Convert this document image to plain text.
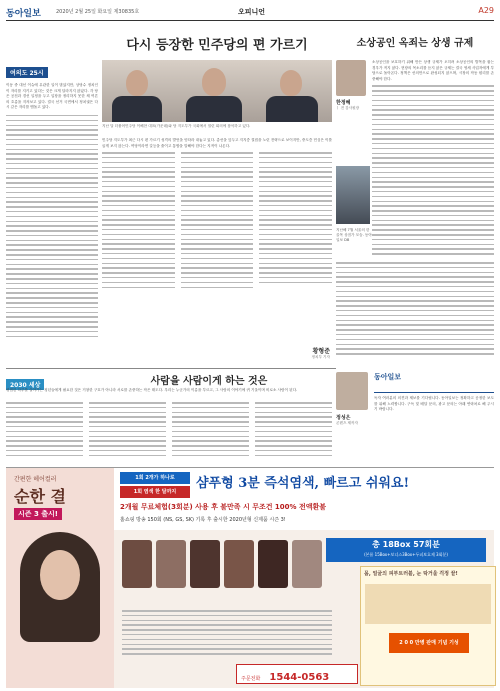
동아일보	2020년 2월 25일 화요일 제30835호	오피니언	A29
여의도 25시
이동 중 대선 이슈에 무관한 일이 많았지만, 상당수 정치인 이 자리를 지키고 있다는 것은 크게 달라지지 않았다. 각 당은 공천과 경선 일정을 두고 입장을 정리하지 못한 채 여론의 흐름을 지켜보고 있다. 결국 선거 국면에서 정치권은 다시 같은 자리를 맴돌고 있다.
다시 등장한 민주당의 편 가르기
지난 달 더불어민주당 이해찬 대표(가운데)와 당 지도부가 국회에서 열린 회의에 참석하고 있다.
민주당 지도부가 최근 다시 편 가르기 성격의 발언을 잇따라 내놓고 있다. 총선을 앞두고 지지층 결집을 노린 전략으로 보이지만, 중도층 민심은 이를 곱게 보지 않는다. 여당이라면 갈등을 줄이고 통합을 말해야 한다는 지적이 나온다.
황형준
정치부 기자
소상공인 옥죄는 상생 규제
한정혜
ㅣ 전 감사원장
소상공인을 보호하기 위해 만든 상생 규제가 오히려 소상공인의 발목을 잡는 경우가 적지 않다. 현장의 목소리를 듣지 않은 규제는 결국 영세 사업자에게 부담으로 돌아온다. 정책은 선의만으로 완성되지 않으며, 시장의 작동 원리를 존중해야 한다.
지난해 7월 서울의 한 골목 상점가 모습. 동아일보 DB
2030 세상	사람을 사람이게 하는 것은
평범한 하루를 살아가는 청년들에게 필요한 것은 거창한 구호가 아니라 서로를 존중하는 작은 태도다. 우리는 누군가의 이름을 부르고, 그 사람의 이야기에 귀 기울이며 비로소 사람이 된다.
정성은
콘텐츠 제작자
동아일보
독자 여러분의 의견과 제보를 기다립니다. 동아일보는 정확하고 공정한 보도를 위해 노력합니다. 구독 및 배달 문의, 광고 문의는 아래 연락처로 해 주시기 바랍니다.
간편한 헤어컬러
순한 결
시즌 3 출시!
1회 2개가 하나로
1회 염색 한 달까지
샴푸형 3분 즉석염색, 빠르고 쉬워요!
2개월 무료체험(3회분) 사용 후 불만족 시 무조건 100% 전액환불
홈쇼핑 방송 150회 (NS, GS, SK) 기록 후 출시한 2020년형 신제품 시즌 3!
총 18Box 57회분
(본품 15Box+보너스3Box+두피보호제 3회분)
주문전화 1544-0563
몸, 얼굴의 피부트러블, 눈 탁거울 걱정 끝!
2 0 0 만병 판매 기념 기성
